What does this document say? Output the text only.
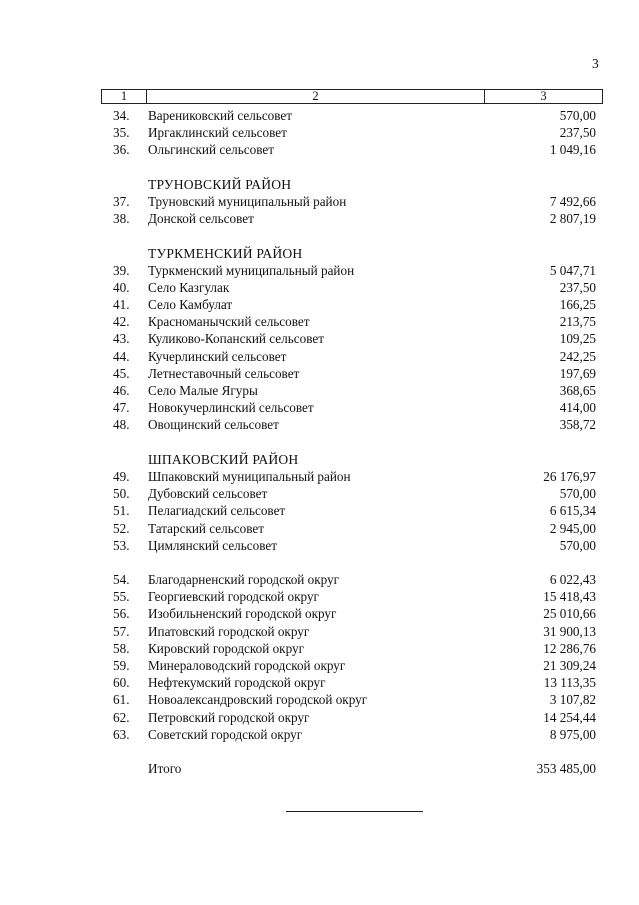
3
1	2	3
34. Варениковский сельсовет	570,00
35. Иргаклинский сельсовет	237,50
36. Ольгинский сельсовет	1 049,16
ТРУНОВСКИЙ РАЙОН
37. Труновский муниципальный район	7 492,66
38. Донской сельсовет	2 807,19
ТУРКМЕНСКИЙ РАЙОН
39. Туркменский муниципальный район	5 047,71
40. Село Казгулак	237,50
41. Село Камбулат	166,25
42. Красноманычский сельсовет	213,75
43. Куликово-Копанский сельсовет	109,25
44. Кучерлинский сельсовет	242,25
45. Летнеставочный сельсовет	197,69
46. Село Малые Ягуры	368,65
47. Новокучерлинский сельсовет	414,00
48. Овощинский сельсовет	358,72
ШПАКОВСКИЙ РАЙОН
49. Шпаковский муниципальный район	26 176,97
50. Дубовский сельсовет	570,00
51. Пелагиадский сельсовет	6 615,34
52. Татарский сельсовет	2 945,00
53. Цимлянский сельсовет	570,00
54. Благодарненский городской округ	6 022,43
55. Георгиевский городской округ	15 418,43
56. Изобильненский городской округ	25 010,66
57. Ипатовский городской округ	31 900,13
58. Кировский городской округ	12 286,76
59. Минераловодский городской округ	21 309,24
60. Нефтекумский городской округ	13 113,35
61. Новоалександровский городской округ	3 107,82
62. Петровский городской округ	14 254,44
63. Советский городской округ	8 975,00
Итого	353 485,00
